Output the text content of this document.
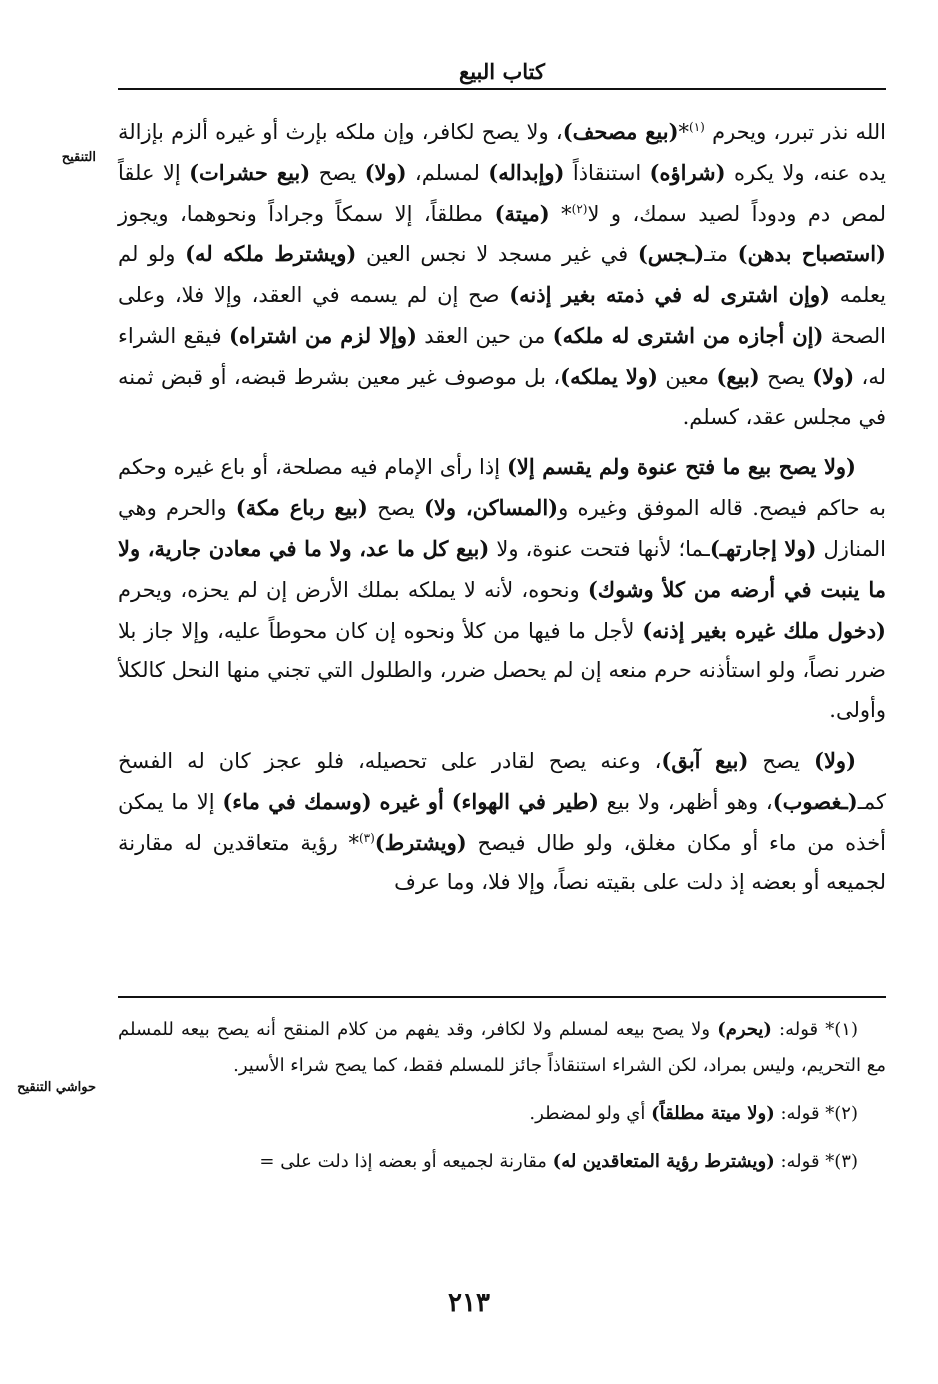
كتاب البيع
التنقيح
حواشي التنقيح

الله نذر تبرر، ويحرم $^{(١)}$*(بيع مصحف)، ولا يصح لكافر، وإن ملكه بإرث أو غيره ألزم بإزالة يده عنه، ولا يكره (شراؤه) استنقاذاً (وإبداله) لمسلم، (ولا) يصح (بيع حشرات) إلا علقاً لمص دم ودوداً لصيد سمك، و لا$^{(٢)}$* (ميتة) مطلقاً، إلا سمكاً وجراداً ونحوهما، ويجوز (استصباح بدهن) متـ(ـجس) في غير مسجد لا نجس العين (ويشترط ملكه له) ولو لم يعلمه (وإن اشترى له في ذمته بغير إذنه) صح إن لم يسمه في العقد، وإلا فلا، وعلى الصحة (إن أجازه من اشترى له ملكه) من حين العقد (وإلا لزم من اشتراه) فيقع الشراء له، (ولا) يصح (بيع) معين (ولا يملكه)، بل موصوف غير معين بشرط قبضه، أو قبض ثمنه في مجلس عقد، كسلم.

(ولا يصح بيع ما فتح عنوة ولم يقسم إلا) إذا رأى الإمام فيه مصلحة، أو باع غيره وحكم به حاكم فيصح. قاله الموفق وغيره و(المساكن، ولا) يصح (بيع رباع مكة) والحرم وهي المنازل (ولا إجارتهـ)ـما؛ لأنها فتحت عنوة، ولا (بيع كل ما عد، ولا ما في معادن جارية، ولا ما ينبت في أرضه من كلأ وشوك) ونحوه، لأنه لا يملكه بملك الأرض إن لم يحزه، ويحرم (دخول ملك غيره بغير إذنه) لأجل ما فيها من كلأ ونحوه إن كان محوطاً عليه، وإلا جاز بلا ضرر نصاً، ولو استأذنه حرم منعه إن لم يحصل ضرر، والطلول التي تجني منها النحل كالكلأ وأولى.

(ولا) يصح (بيع آبق)، وعنه يصح لقادر على تحصيله، فلو عجز كان له الفسخ كمـ(ـغصوب)، وهو أظهر، ولا بيع (طير في الهواء) أو غيره (وسمك في ماء) إلا ما يمكن أخذه من ماء أو مكان مغلق، ولو طال فيصح (ويشترط)$^{(٣)}$* رؤية متعاقدين له مقارنة لجميعه أو بعضه إذ دلت على بقيته نصاً، وإلا فلا، وما عرف

(١)* قوله: (يحرم) ولا يصح بيعه لمسلم ولا لكافر، وقد يفهم من كلام المنقح أنه يصح بيعه للمسلم مع التحريم، وليس بمراد، لكن الشراء استنقاذاً جائز للمسلم فقط، كما يصح شراء الأسير.

(٢)* قوله: (ولا ميتة مطلقاً) أي ولو لمضطر.

(٣)* قوله: (ويشترط رؤية المتعاقدين له) مقارنة لجميعه أو بعضه إذا دلت على =

٢١٣
